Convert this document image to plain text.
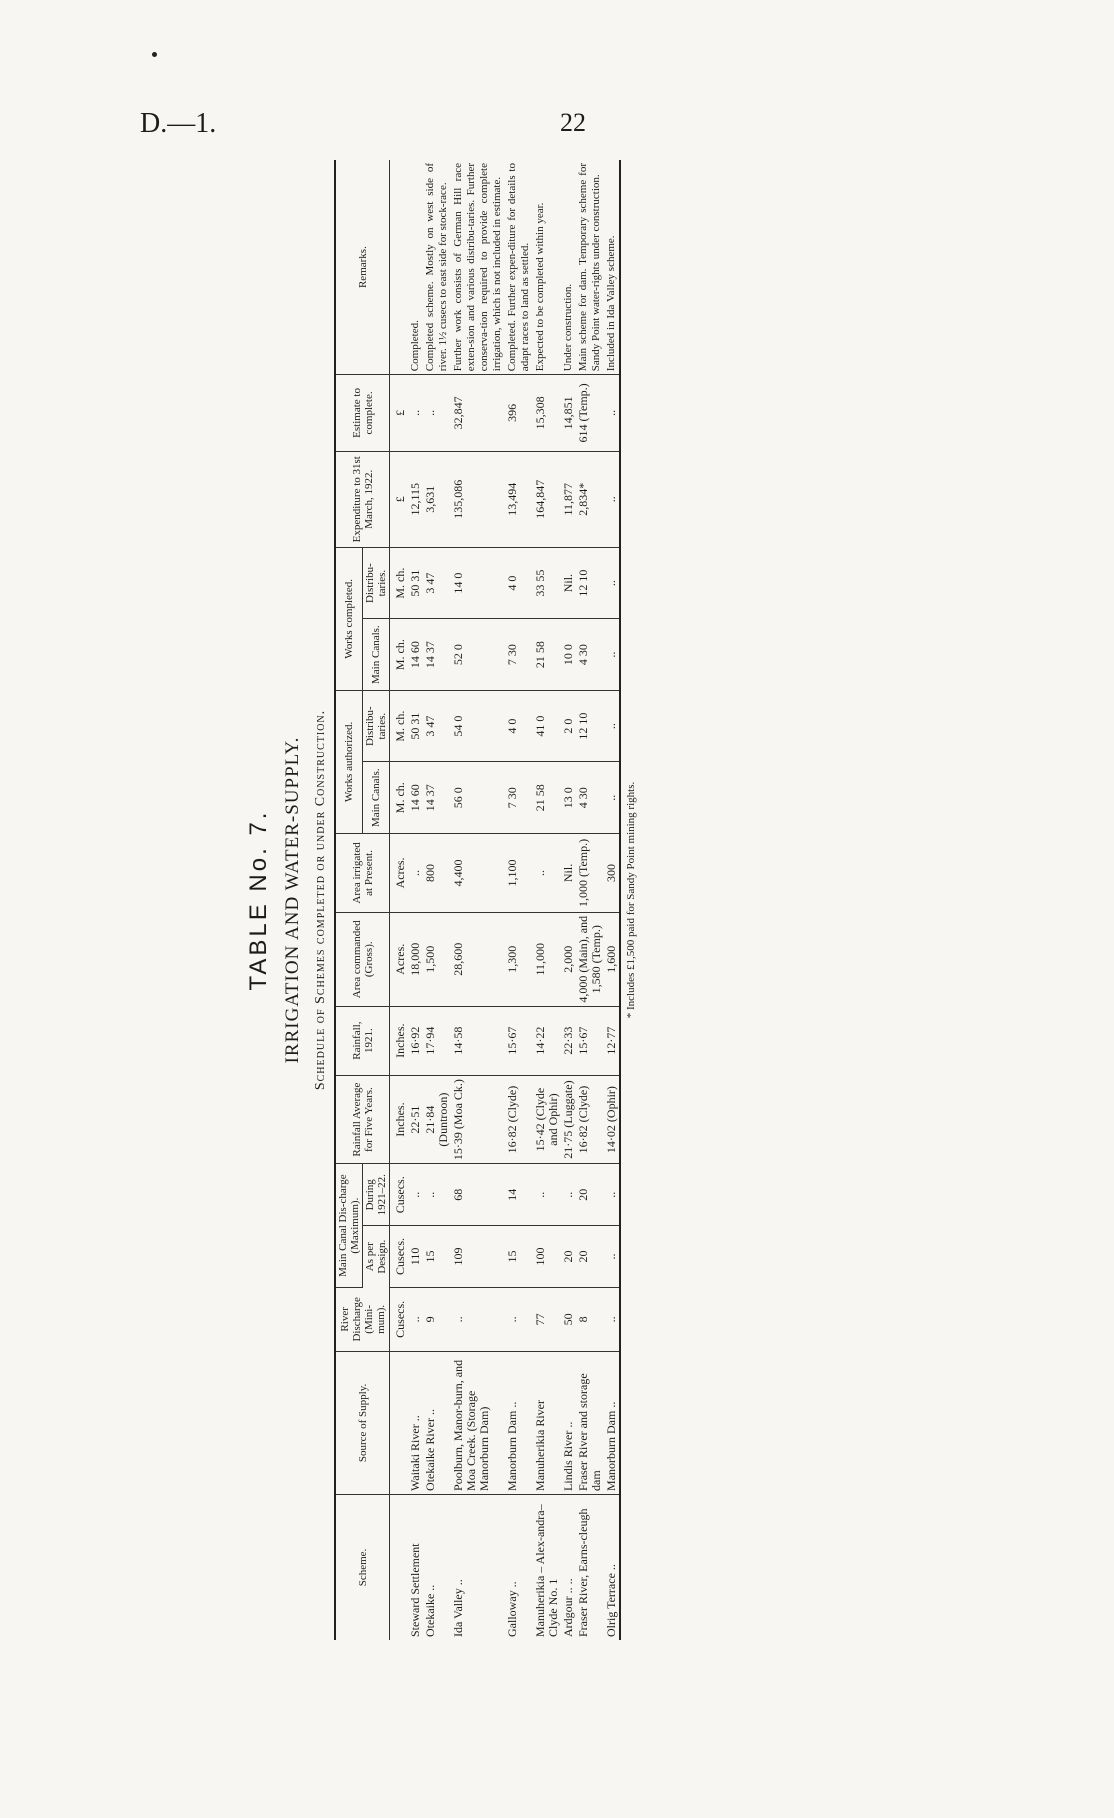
D.—1.	22
TABLE No. 7. IRRIGATION AND WATER-SUPPLY. Schedule of Schemes completed or under Construction.
Scheme.	Source of Supply.	River Discharge (Mini-mum).	Main Canal Dis-charge (Maximum).		Rainfall Average for Five Years.	Rainfall, 1921.	Area commanded (Gross).	Area irrigated at Present.	Works authorized.		Works completed.		Expenditure to 31st March, 1922.	Estimate to complete.	Remarks.
			As per Design.	During 1921–22.					Main Canals.	Distribu-taries.	Main Canals.	Distribu-taries.			
		Cusecs.	Cusecs.	Cusecs.	Inches.	Inches.	Acres.	Acres.	M. ch.	M. ch.	M. ch.	M. ch.	£	£	
Steward Settlement	Waitaki River ..	..	110	..	22·51	16·92	18,000	..	14 60	50 31	14 60	50 31	12,115	..	Completed.
Otekaike ..	Otekaike River ..	9	15	..	21·84 (Duntroon)	17·94	1,500	800	14 37	3 47	14 37	3 47	3,631	..	Completed scheme. Mostly on west side of river. 1½ cusecs to east side for stock-race.
Ida Valley ..	Poolburn, Manor-burn, and Moa Creek. (Storage Manorburn Dam)	..	109	68	15·39 (Moa Ck.)	14·58	28,600	4,400	56 0	54 0	52 0	14 0	135,086	32,847	Further work consists of German Hill race exten-sion and various distribu-taries. Further conserva-tion required to provide complete irrigation, which is not included in estimate.
Galloway ..	Manorburn Dam ..	..	15	14	16·82 (Clyde)	15·67	1,300	1,100	7 30	4 0	7 30	4 0	13,494	396	Completed. Further expen-diture for details to adapt races to land as settled.
Manuherikia – Alex-andra–Clyde No. 1	Manuherikia River	77	100	..	15·42 (Clyde and Ophir)	14·22	11,000	..	21 58	41 0	21 58	33 55	164,847	15,308	Expected to be completed within year.
Ardgour .. ..	Lindis River ..	50	20	..	21·75 (Luggate)	22·33	2,000	Nil.	13 0	2 0	10 0	Nil.	11,877	14,851	Under construction.
Fraser River, Earns-cleugh	Fraser River and storage dam	8	20	20	16·82 (Clyde)	15·67	4,000 (Main), and 1,580 (Temp.)	1,000 (Temp.)	4 30	12 10	4 30	12 10	2,834*	614 (Temp.)	Main scheme for dam. Temporary scheme for Sandy Point water-rights under construction.
Olrig Terrace ..	Manorburn Dam ..	..	..	..	14·02 (Ophir)	12·77	1,600	300	..	..	..	..	..	..	Included in Ida Valley scheme.
* Includes £1,500 paid for Sandy Point mining rights.
